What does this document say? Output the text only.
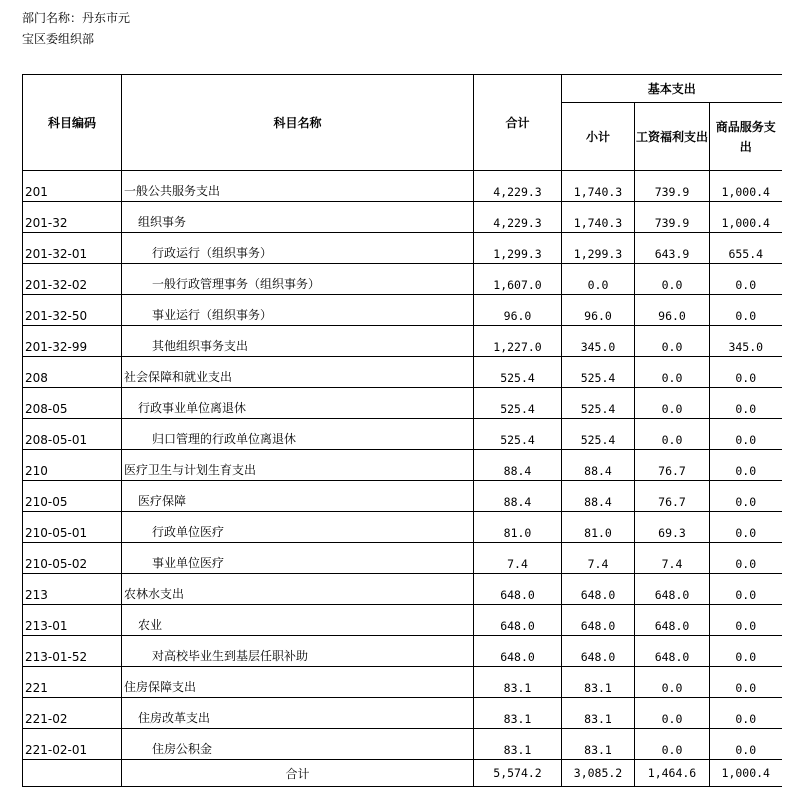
部门名称：丹东市元宝区委组织部
科目编码	科目名称	合计	基本支出		
			小计	工资福利支出	商品服务支出
201	一般公共服务支出	4,229.3	1,740.3	739.9	1,000.4
201-32	组织事务	4,229.3	1,740.3	739.9	1,000.4
201-32-01	行政运行（组织事务）	1,299.3	1,299.3	643.9	655.4
201-32-02	一般行政管理事务（组织事务）	1,607.0	0.0	0.0	0.0
201-32-50	事业运行（组织事务）	96.0	96.0	96.0	0.0
201-32-99	其他组织事务支出	1,227.0	345.0	0.0	345.0
208	社会保障和就业支出	525.4	525.4	0.0	0.0
208-05	行政事业单位离退休	525.4	525.4	0.0	0.0
208-05-01	归口管理的行政单位离退休	525.4	525.4	0.0	0.0
210	医疗卫生与计划生育支出	88.4	88.4	76.7	0.0
210-05	医疗保障	88.4	88.4	76.7	0.0
210-05-01	行政单位医疗	81.0	81.0	69.3	0.0
210-05-02	事业单位医疗	7.4	7.4	7.4	0.0
213	农林水支出	648.0	648.0	648.0	0.0
213-01	农业	648.0	648.0	648.0	0.0
213-01-52	对高校毕业生到基层任职补助	648.0	648.0	648.0	0.0
221	住房保障支出	83.1	83.1	0.0	0.0
221-02	住房改革支出	83.1	83.1	0.0	0.0
221-02-01	住房公积金	83.1	83.1	0.0	0.0
	合计	5,574.2	3,085.2	1,464.6	1,000.4
